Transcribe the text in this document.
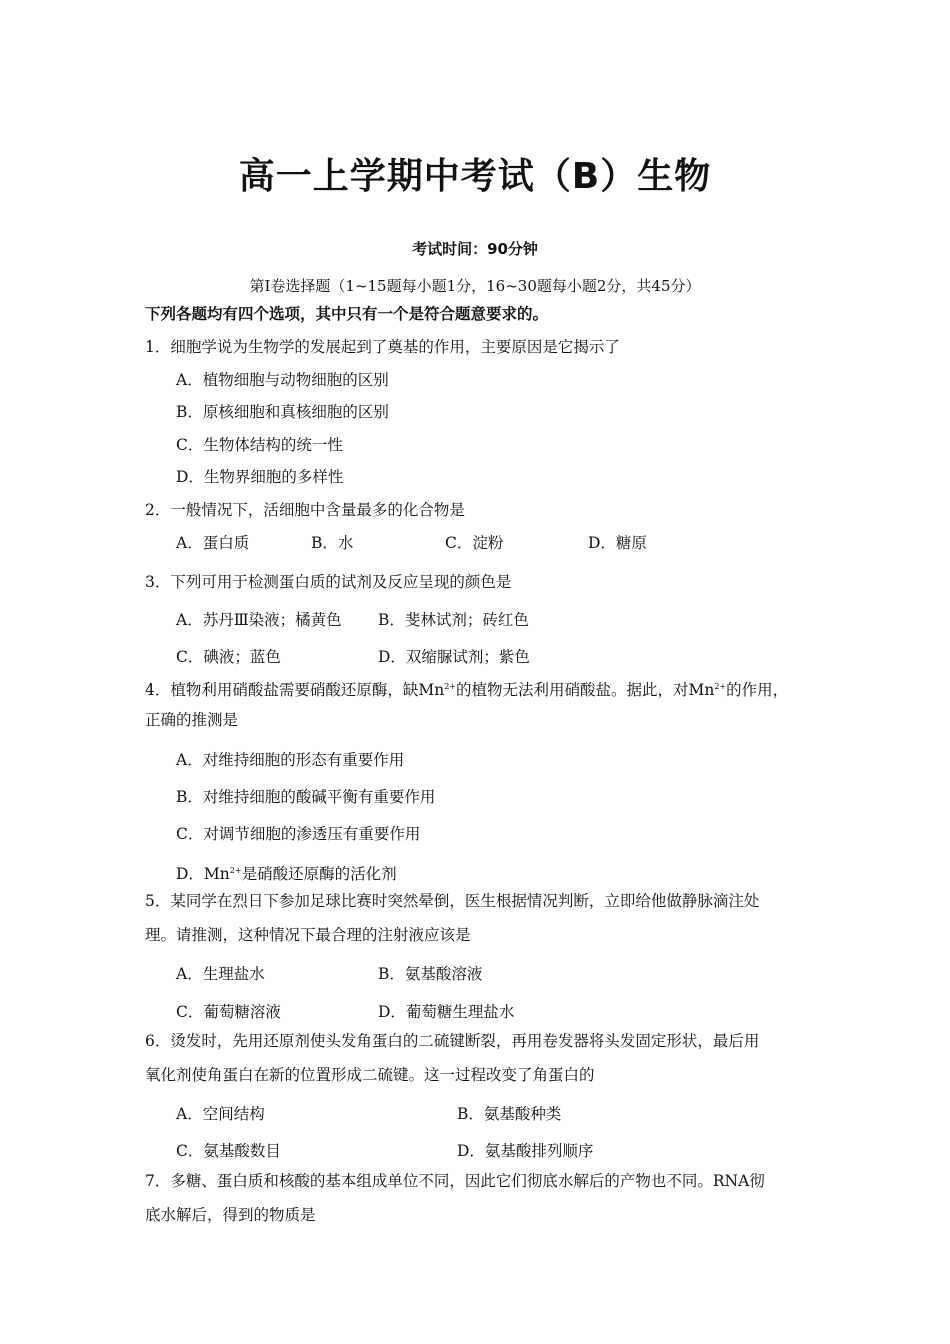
高一上学期中考试（B）生物
考试时间：90分钟
第Ⅰ卷选择题（1~15题每小题1分，16~30题每小题2分，共45分）
下列各题均有四个选项，其中只有一个是符合题意要求的。
1．细胞学说为生物学的发展起到了奠基的作用，主要原因是它揭示了
A．植物细胞与动物细胞的区别
B．原核细胞和真核细胞的区别
C．生物体结构的统一性
D．生物界细胞的多样性
2．一般情况下，活细胞中含量最多的化合物是
A．蛋白质	B．水	C．淀粉	D．糖原
3．下列可用于检测蛋白质的试剂及反应呈现的颜色是
A．苏丹Ⅲ染液；橘黄色 B．斐林试剂；砖红色
C．碘液；蓝色	D．双缩脲试剂；紫色
4．植物利用硝酸盐需要硝酸还原酶，缺$Mn^{2+}$的植物无法利用硝酸盐。据此，对$Mn^{2+}$的作用，
正确的推测是
A．对维持细胞的形态有重要作用
B．对维持细胞的酸碱平衡有重要作用
C．对调节细胞的渗透压有重要作用
D．$Mn^{2+}$是硝酸还原酶的活化剂
5．某同学在烈日下参加足球比赛时突然晕倒，医生根据情况判断，立即给他做静脉滴注处
理。请推测，这种情况下最合理的注射液应该是
A．生理盐水	B．氨基酸溶液
C．葡萄糖溶液	D．葡萄糖生理盐水
6．烫发时，先用还原剂使头发角蛋白的二硫键断裂，再用卷发器将头发固定形状，最后用
氧化剂使角蛋白在新的位置形成二硫键。这一过程改变了角蛋白的
A．空间结构	B．氨基酸种类
C．氨基酸数目	D．氨基酸排列顺序
7．多糖、蛋白质和核酸的基本组成单位不同，因此它们彻底水解后的产物也不同。RNA彻
底水解后，得到的物质是
